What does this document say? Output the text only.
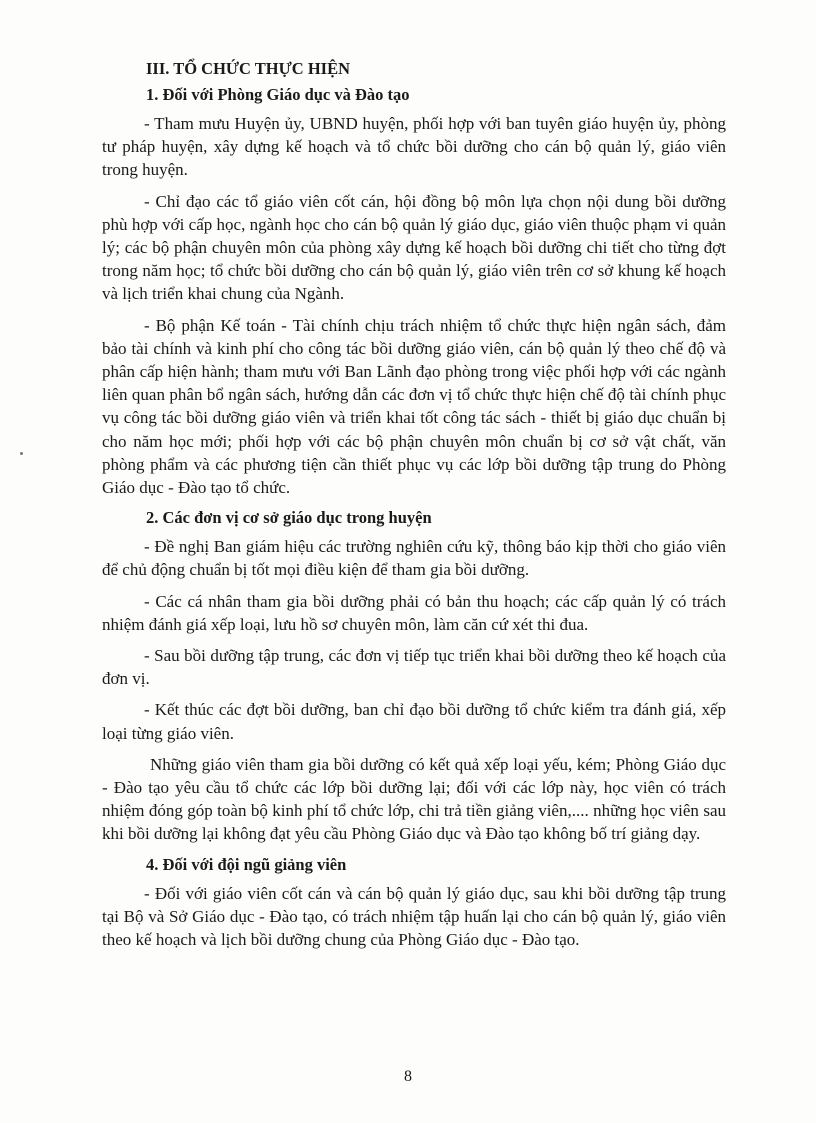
III. TỔ CHỨC THỰC HIỆN
1. Đối với Phòng Giáo dục và Đào tạo

- Tham mưu Huyện ủy, UBND huyện, phối hợp với ban tuyên giáo huyện ủy, phòng tư pháp huyện, xây dựng kế hoạch và tổ chức bồi dưỡng cho cán bộ quản lý, giáo viên trong huyện.

- Chỉ đạo các tổ giáo viên cốt cán, hội đồng bộ môn lựa chọn nội dung bồi dưỡng phù hợp với cấp học, ngành học cho cán bộ quản lý giáo dục, giáo viên thuộc phạm vi quản lý; các bộ phận chuyên môn của phòng xây dựng kế hoạch bồi dưỡng chi tiết cho từng đợt trong năm học; tổ chức bồi dưỡng cho cán bộ quản lý, giáo viên trên cơ sở khung kế hoạch và lịch triển khai chung của Ngành.

- Bộ phận Kế toán - Tài chính chịu trách nhiệm tổ chức thực hiện ngân sách, đảm bảo tài chính và kinh phí cho công tác bồi dưỡng giáo viên, cán bộ quản lý theo chế độ và phân cấp hiện hành; tham mưu với Ban Lãnh đạo phòng trong việc phối hợp với các ngành liên quan phân bổ ngân sách, hướng dẫn các đơn vị tổ chức thực hiện chế độ tài chính phục vụ công tác bồi dưỡng giáo viên và triển khai tốt công tác sách - thiết bị giáo dục chuẩn bị cho năm học mới; phối hợp với các bộ phận chuyên môn chuẩn bị cơ sở vật chất, văn phòng phẩm và các phương tiện cần thiết phục vụ các lớp bồi dưỡng tập trung do Phòng Giáo dục - Đào tạo tổ chức.

2. Các đơn vị cơ sở giáo dục trong huyện

- Đề nghị Ban giám hiệu các trường nghiên cứu kỹ, thông báo kịp thời cho giáo viên để chủ động chuẩn bị tốt mọi điều kiện để tham gia bồi dưỡng.

- Các cá nhân tham gia bồi dưỡng phải có bản thu hoạch; các cấp quản lý có trách nhiệm đánh giá xếp loại, lưu hồ sơ chuyên môn, làm căn cứ xét thi đua.

- Sau bồi dưỡng tập trung, các đơn vị tiếp tục triển khai bồi dưỡng theo kế hoạch của đơn vị.

- Kết thúc các đợt bồi dưỡng, ban chỉ đạo bồi dưỡng tổ chức kiểm tra đánh giá, xếp loại từng giáo viên.

Những giáo viên tham gia bồi dưỡng có kết quả xếp loại yếu, kém; Phòng Giáo dục - Đào tạo yêu cầu tổ chức các lớp bồi dưỡng lại; đối với các lớp này, học viên có trách nhiệm đóng góp toàn bộ kinh phí tổ chức lớp, chi trả tiền giảng viên,.... những học viên sau khi bồi dưỡng lại không đạt yêu cầu Phòng Giáo dục và Đào tạo không bố trí giảng dạy.

4. Đối với đội ngũ giảng viên

- Đối với giáo viên cốt cán và cán bộ quản lý giáo dục, sau khi bồi dưỡng tập trung tại Bộ và Sở Giáo dục - Đào tạo, có trách nhiệm tập huấn lại cho cán bộ quản lý, giáo viên theo kế hoạch và lịch bồi dưỡng chung của Phòng Giáo dục - Đào tạo.

8
